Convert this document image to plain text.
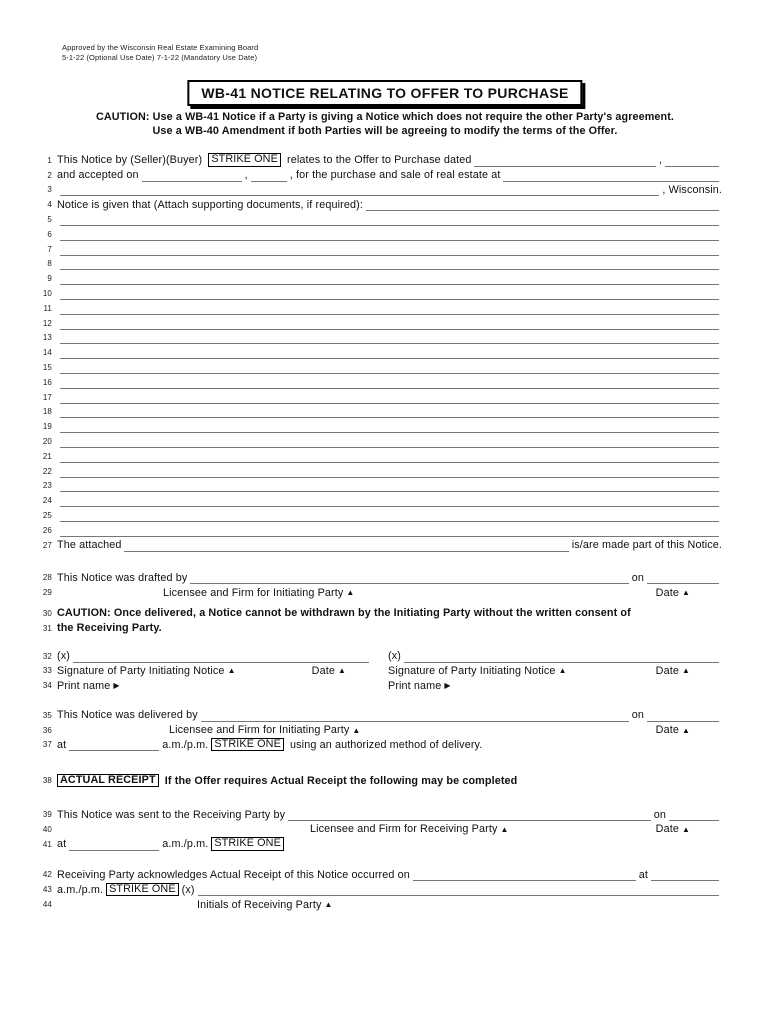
Approved by the Wisconsin Real Estate Examining Board
5-1-22 (Optional Use Date) 7-1-22 (Mandatory Use Date)
WB-41 NOTICE RELATING TO OFFER TO PURCHASE
CAUTION: Use a WB-41 Notice if a Party is giving a Notice which does not require the other Party's agreement.
Use a WB-40 Amendment if both Parties will be agreeing to modify the terms of the Offer.
1 This Notice by (Seller)(Buyer) STRIKE ONE relates to the Offer to Purchase dated	,
2 and accepted on	,	, for the purchase and sale of real estate at
3	, Wisconsin.
4 Notice is given that (Attach supporting documents, if required):
5
6
7
8
9
10
11
12
13
14
15
16
17
18
19
20
21
22
23
24
25
26
27 The attached	is/are made part of this Notice.
28 This Notice was drafted by	on
29	Licensee and Firm for Initiating Party ▲	Date ▲
30 CAUTION: Once delivered, a Notice cannot be withdrawn by the Initiating Party without the written consent of
31 the Receiving Party.
32 (x)	(x)
33 Signature of Party Initiating Notice ▲	Date ▲	Signature of Party Initiating Notice ▲	Date ▲
34 Print name ▶	Print name ▶
35 This Notice was delivered by	on
36	Licensee and Firm for Initiating Party ▲	Date ▲
37 at	a.m./p.m. STRIKE ONE using an authorized method of delivery.
38 ACTUAL RECEIPT If the Offer requires Actual Receipt the following may be completed
39 This Notice was sent to the Receiving Party by	on
40	Licensee and Firm for Receiving Party ▲	Date ▲
41 at	a.m./p.m. STRIKE ONE
42 Receiving Party acknowledges Actual Receipt of this Notice occurred on	at
43 a.m./p.m. STRIKE ONE (x)
44	Initials of Receiving Party ▲
